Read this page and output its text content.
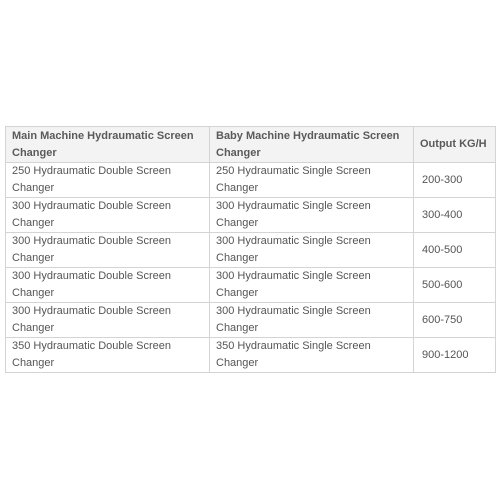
Main Machine Hydraumatic Screen Changer	Baby Machine Hydraumatic Screen Changer	Output KG/H
250 Hydraumatic Double Screen Changer	250 Hydraumatic Single Screen Changer	200-300
300 Hydraumatic Double Screen Changer	300 Hydraumatic Single Screen Changer	300-400
300 Hydraumatic Double Screen Changer	300 Hydraumatic Single Screen Changer	400-500
300 Hydraumatic Double Screen Changer	300 Hydraumatic Single Screen Changer	500-600
300 Hydraumatic Double Screen Changer	300 Hydraumatic Single Screen Changer	600-750
350 Hydraumatic Double Screen Changer	350 Hydraumatic Single Screen Changer	900-1200
